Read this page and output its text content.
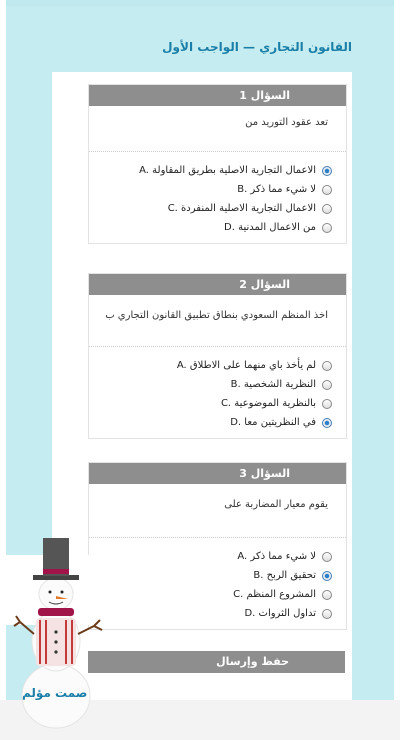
القانون التجاري — الواجب الأول
السؤال 1
تعد عقود التوريد من
A. الاعمال التجارية الاصلية بطريق المقاولة
B. لا شيء مما ذكر
C. الاعمال التجارية الاصلية المنفردة
D. من الاعمال المدنية
السؤال 2
اخذ المنظم السعودي بنطاق تطبيق القانون التجاري ب
A. لم يأخذ باي منهما على الاطلاق
B. النظرية الشخصية
C. بالنظرية الموضوعية
D. في النظريتين معا
السؤال 3
يقوم معيار المضاربة على
A. لا شيء مما ذكر
B. تحقيق الربح
C. المشروع المنظم
D. تداول الثروات
حفظ وإرسال
صمت مؤلم
